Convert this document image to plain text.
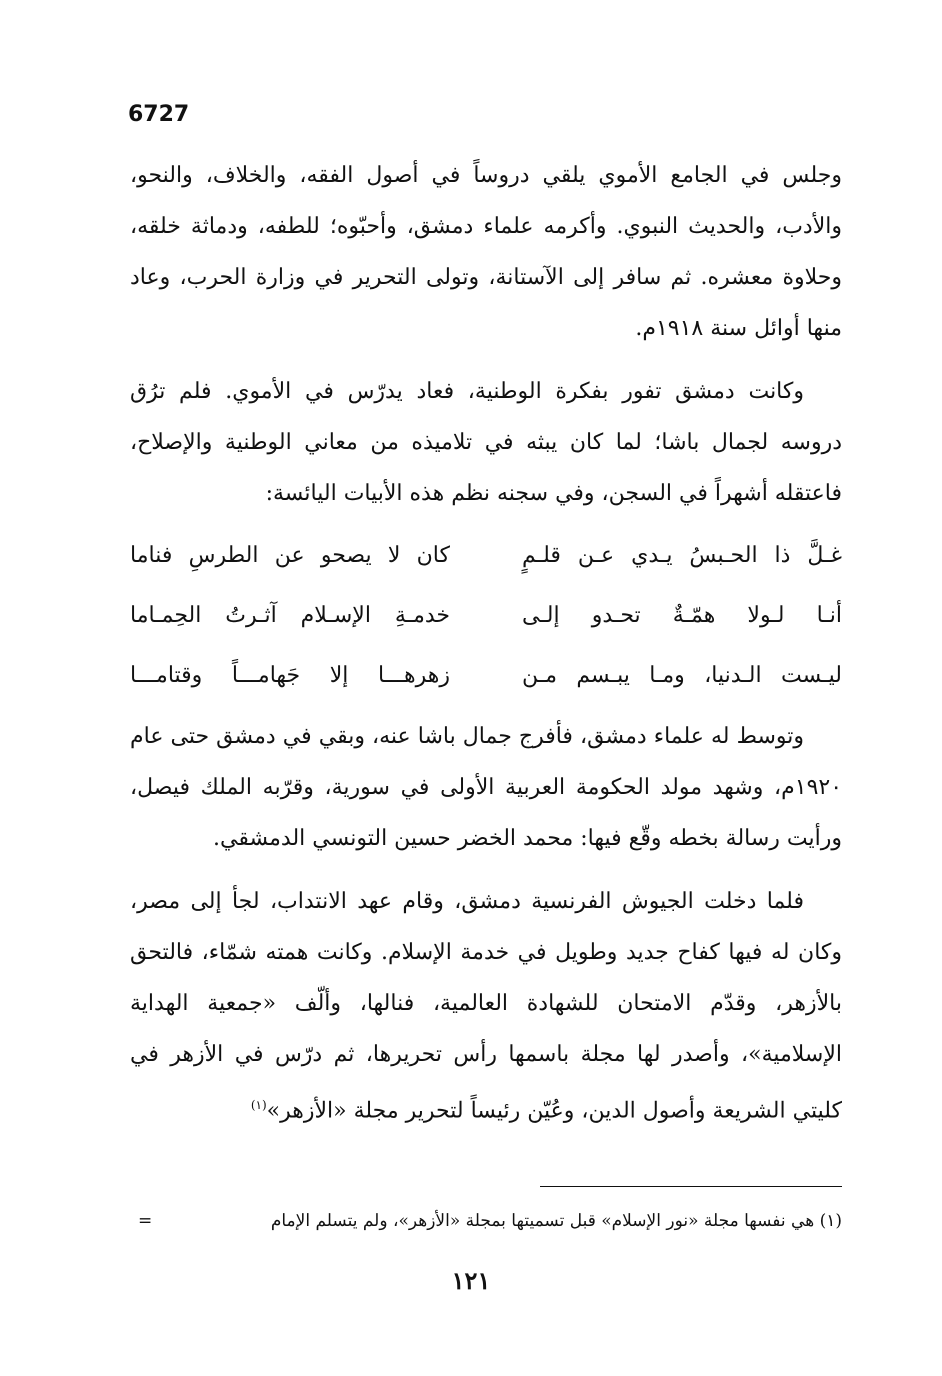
6727

وجلس في الجامع الأموي يلقي دروساً في أصول الفقه، والخلاف، والنحو، والأدب، والحديث النبوي. وأكرمه علماء دمشق، وأحبّوه؛ للطفه، ودماثة خلقه، وحلاوة معشره. ثم سافر إلى الآستانة، وتولى التحرير في وزارة الحرب، وعاد منها أوائل سنة ١٩١٨م.

وكانت دمشق تفور بفكرة الوطنية، فعاد يدرّس في الأموي. فلم ترُق دروسه لجمال باشا؛ لما كان يبثه في تلاميذه من معاني الوطنية والإصلاح، فاعتقله أشهراً في السجن، وفي سجنه نظم هذه الأبيات اليائسة:

غـلَّ ذا الحـبسُ يـدي عـن قلـمٍ
كان لا يصحو عن الطرسِ فناما
أنـا لـولا همّـةٌ تحـدو إلـى
خدمـةِ الإسـلام آثـرتُ الحِمـاما
ليـست الـدنيا، ومـا يبـسم مـن
زهرهـــا إلا جَهامـــاً وقتامـــا

وتوسط له علماء دمشق، فأفرج جمال باشا عنه، وبقي في دمشق حتى عام ١٩٢٠م، وشهد مولد الحكومة العربية الأولى في سورية، وقرّبه الملك فيصل، ورأيت رسالة بخطه وقّع فيها: محمد الخضر حسين التونسي الدمشقي.

فلما دخلت الجيوش الفرنسية دمشق، وقام عهد الانتداب، لجأ إلى مصر، وكان له فيها كفاح جديد وطويل في خدمة الإسلام. وكانت همته شمّاء، فالتحق بالأزهر، وقدّم الامتحان للشهادة العالمية، فنالها، وألّف «جمعية الهداية الإسلامية»، وأصدر لها مجلة باسمها رأس تحريرها، ثم درّس في الأزهر في كليتي الشريعة وأصول الدين، وعُيّن رئيساً لتحرير مجلة «الأزهر»$^{(١)}$

(١) هي نفسها مجلة «نور الإسلام» قبل تسميتها بمجلة «الأزهر»، ولم يتسلم الإمام
=
١٢١
